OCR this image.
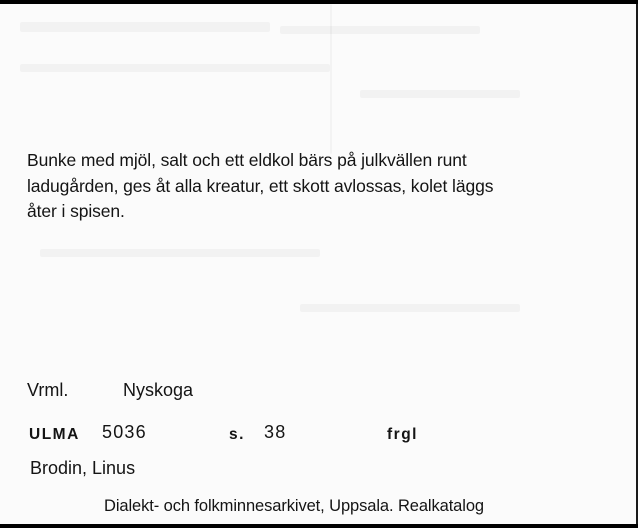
Bunke med mjöl, salt och ett eldkol bärs på julkvällen runt
ladugården, ges åt alla kreatur, ett skott avlossas, kolet läggs
åter i spisen.

Vrml.	Nyskoga
ULMA 5036	s. 38	frgl
Brodin, Linus
Dialekt- och folkminnesarkivet, Uppsala. Realkatalog
